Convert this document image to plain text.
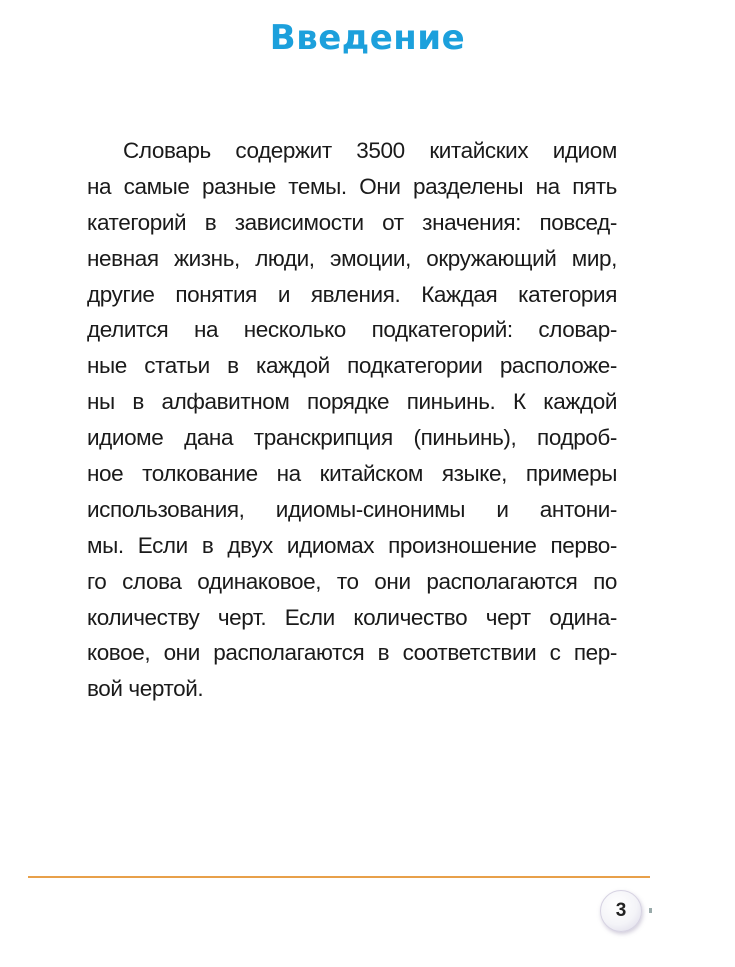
Введение
Словарь содержит 3500 китайских идиом
на самые разные темы. Они разделены на пять
категорий в зависимости от значения: повсед-
невная жизнь, люди, эмоции, окружающий мир,
другие понятия и явления. Каждая категория
делится на несколько подкатегорий: словар-
ные статьи в каждой подкатегории расположе-
ны в алфавитном порядке пиньинь. К каждой
идиоме дана транскрипция (пиньинь), подроб-
ное толкование на китайском языке, примеры
использования, идиомы-синонимы и антони-
мы. Если в двух идиомах произношение перво-
го слова одинаковое, то они располагаются по
количеству черт. Если количество черт одина-
ковое, они располагаются в соответствии с пер-
вой чертой.
3
